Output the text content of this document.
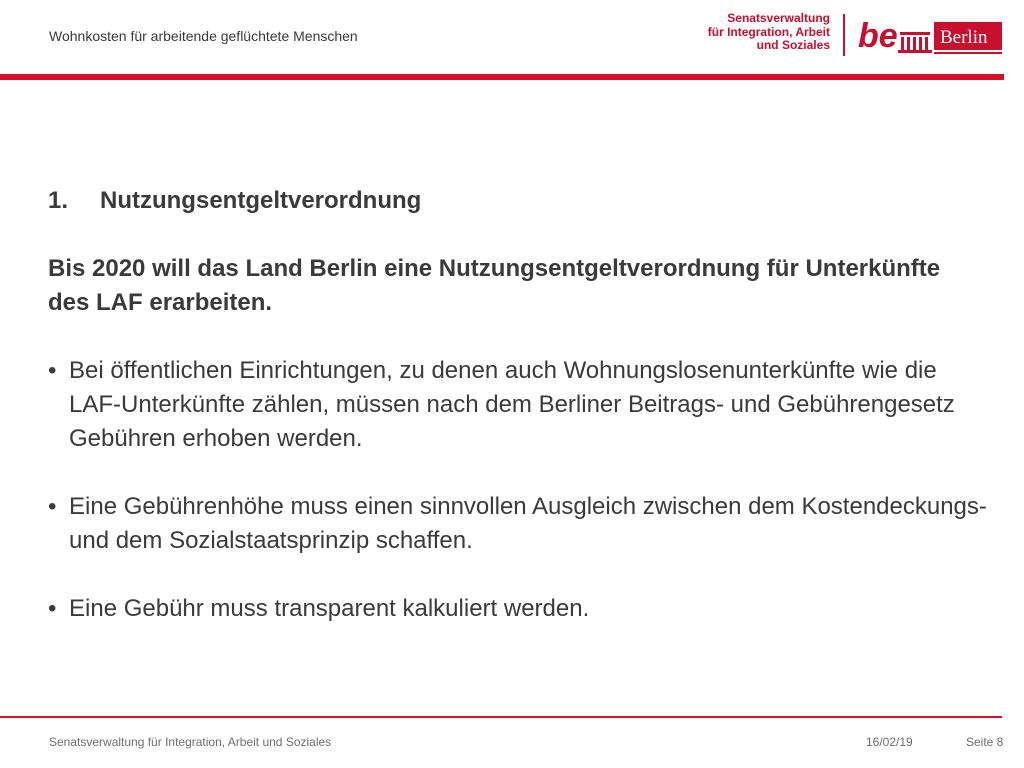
Wohnkosten für arbeitende geflüchtete Menschen
Senatsverwaltung
für Integration, Arbeit
und Soziales be Berlin

1.	Nutzungsentgeltverordnung

Bis 2020 will das Land Berlin eine Nutzungsentgeltverordnung für Unterkünfte des LAF erarbeiten.

• Bei öffentlichen Einrichtungen, zu denen auch Wohnungslosenunterkünfte wie die LAF-Unterkünfte zählen, müssen nach dem Berliner Beitrags- und Gebührengesetz Gebühren erhoben werden.
• Eine Gebührenhöhe muss einen sinnvollen Ausgleich zwischen dem Kostendeckungs- und dem Sozialstaatsprinzip schaffen.
• Eine Gebühr muss transparent kalkuliert werden.
Senatsverwaltung für Integration, Arbeit und Soziales	16/02/19	Seite 8
